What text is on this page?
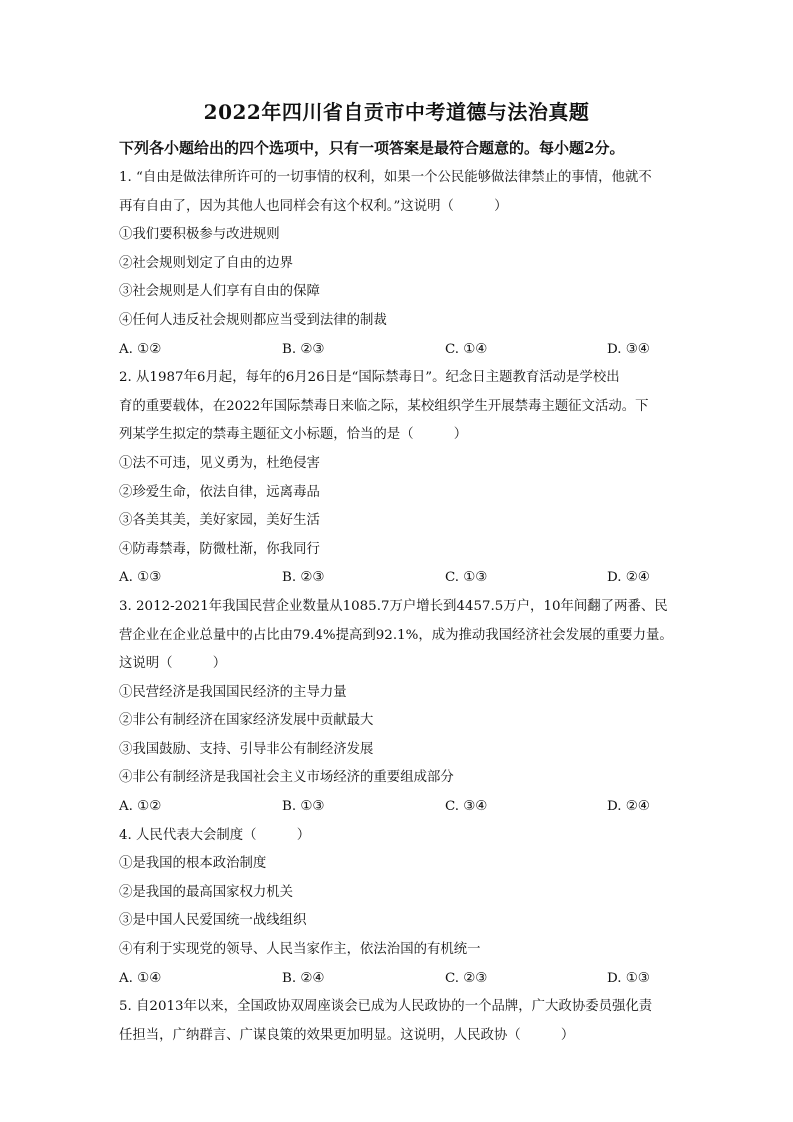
2022年四川省自贡市中考道德与法治真题
下列各小题给出的四个选项中，只有一项答案是最符合题意的。每小题2分。
1. “自由是做法律所许可的一切事情的权利，如果一个公民能够做法律禁止的事情，他就不
再有自由了，因为其他人也同样会有这个权利。”这说明（　　　）
①我们要积极参与改进规则
②社会规则划定了自由的边界
③社会规则是人们享有自由的保障
④任何人违反社会规则都应当受到法律的制裁
A. ①②	B. ②③	C. ①④	D. ③④
2. 从1987年6月起，每年的6月26日是“国际禁毒日”。纪念日主题教育活动是学校出
育的重要载体，在2022年国际禁毒日来临之际，某校组织学生开展禁毒主题征文活动。下
列某学生拟定的禁毒主题征文小标题，恰当的是（　　　）
①法不可违，见义勇为，杜绝侵害
②珍爱生命，依法自律，远离毒品
③各美其美，美好家园，美好生活
④防毒禁毒，防微杜渐，你我同行
A. ①③	B. ②③	C. ①③	D. ②④
3. 2012-2021年我国民营企业数量从1085.7万户增长到4457.5万户，10年间翻了两番、民
营企业在企业总量中的占比由79.4%提高到92.1%，成为推动我国经济社会发展的重要力量。
这说明（　　　）
①民营经济是我国国民经济的主导力量
②非公有制经济在国家经济发展中贡献最大
③我国鼓励、支持、引导非公有制经济发展
④非公有制经济是我国社会主义市场经济的重要组成部分
A. ①②	B. ①③	C. ③④	D. ②④
4. 人民代表大会制度（　　　）
①是我国的根本政治制度
②是我国的最高国家权力机关
③是中国人民爱国统一战线组织
④有利于实现党的领导、人民当家作主，依法治国的有机统一
A. ①④	B. ②④	C. ②③	D. ①③
5. 自2013年以来，全国政协双周座谈会已成为人民政协的一个品牌，广大政协委员强化责
任担当，广纳群言、广谋良策的效果更加明显。这说明，人民政协（　　　）
